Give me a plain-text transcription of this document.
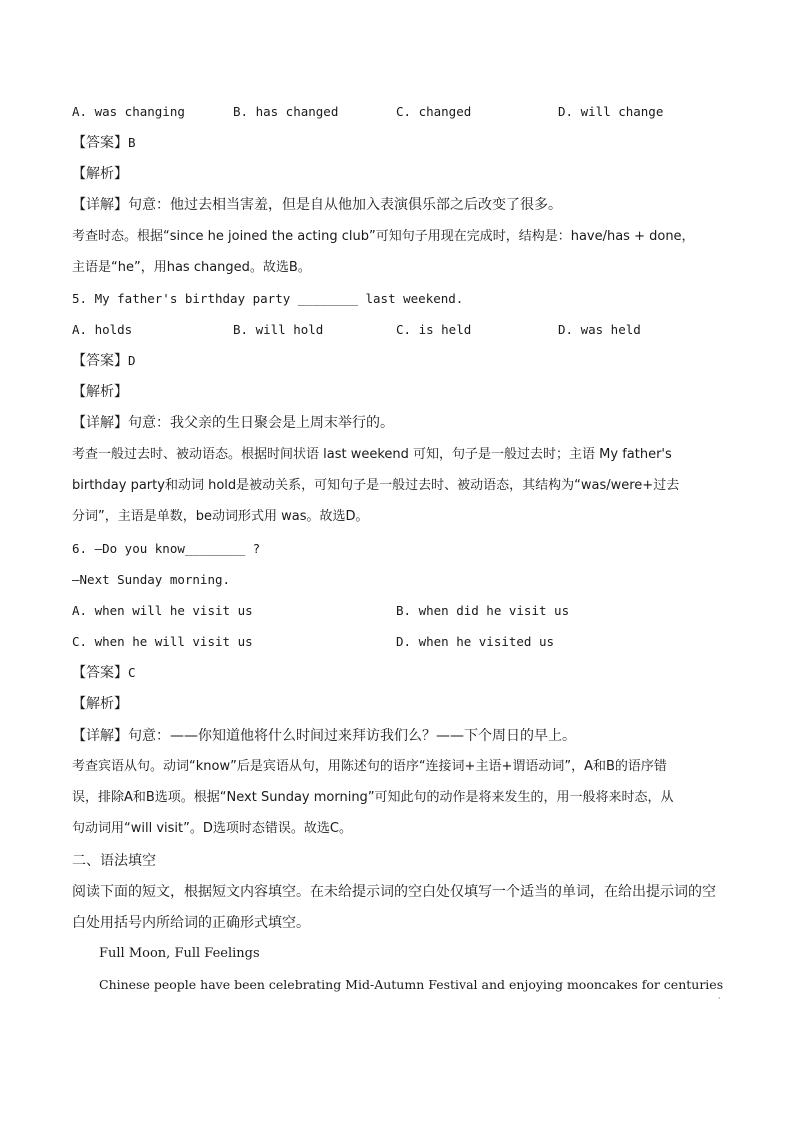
A. was changing	B. has changed	C. changed	D. will change
【答案】B
【解析】
【详解】句意：他过去相当害羞，但是自从他加入表演俱乐部之后改变了很多。
考查时态。根据“since he joined the acting club”可知句子用现在完成时，结构是：have/has + done，
主语是“he”，用has changed。故选B。
5. My father's birthday party ________ last weekend.
A. holds	B. will hold	C. is held	D. was held
【答案】D
【解析】
【详解】句意：我父亲的生日聚会是上周末举行的。
考查一般过去时、被动语态。根据时间状语 last weekend 可知，句子是一般过去时；主语 My father's
birthday party和动词 hold是被动关系，可知句子是一般过去时、被动语态，其结构为“was/were+过去
分词”，主语是单数，be动词形式用 was。故选D。
6. —Do you know________ ?
—Next Sunday morning.
A. when will he visit us	B. when did he visit us
C. when he will visit us	D. when he visited us
【答案】C
【解析】
【详解】句意：——你知道他将什么时间过来拜访我们么？——下个周日的早上。
考查宾语从句。动词“know”后是宾语从句，用陈述句的语序“连接词+主语+谓语动词”，A和B的语序错
误，排除A和B选项。根据“Next Sunday morning”可知此句的动作是将来发生的，用一般将来时态，从
句动词用“will visit”。D选项时态错误。故选C。
二、语法填空
阅读下面的短文，根据短文内容填空。在未给提示词的空白处仅填写一个适当的单词，在给出提示词的空
白处用括号内所给词的正确形式填空。
Full Moon, Full Feelings
Chinese people have been celebrating Mid-Autumn Festival and enjoying mooncakes for centuries
·
